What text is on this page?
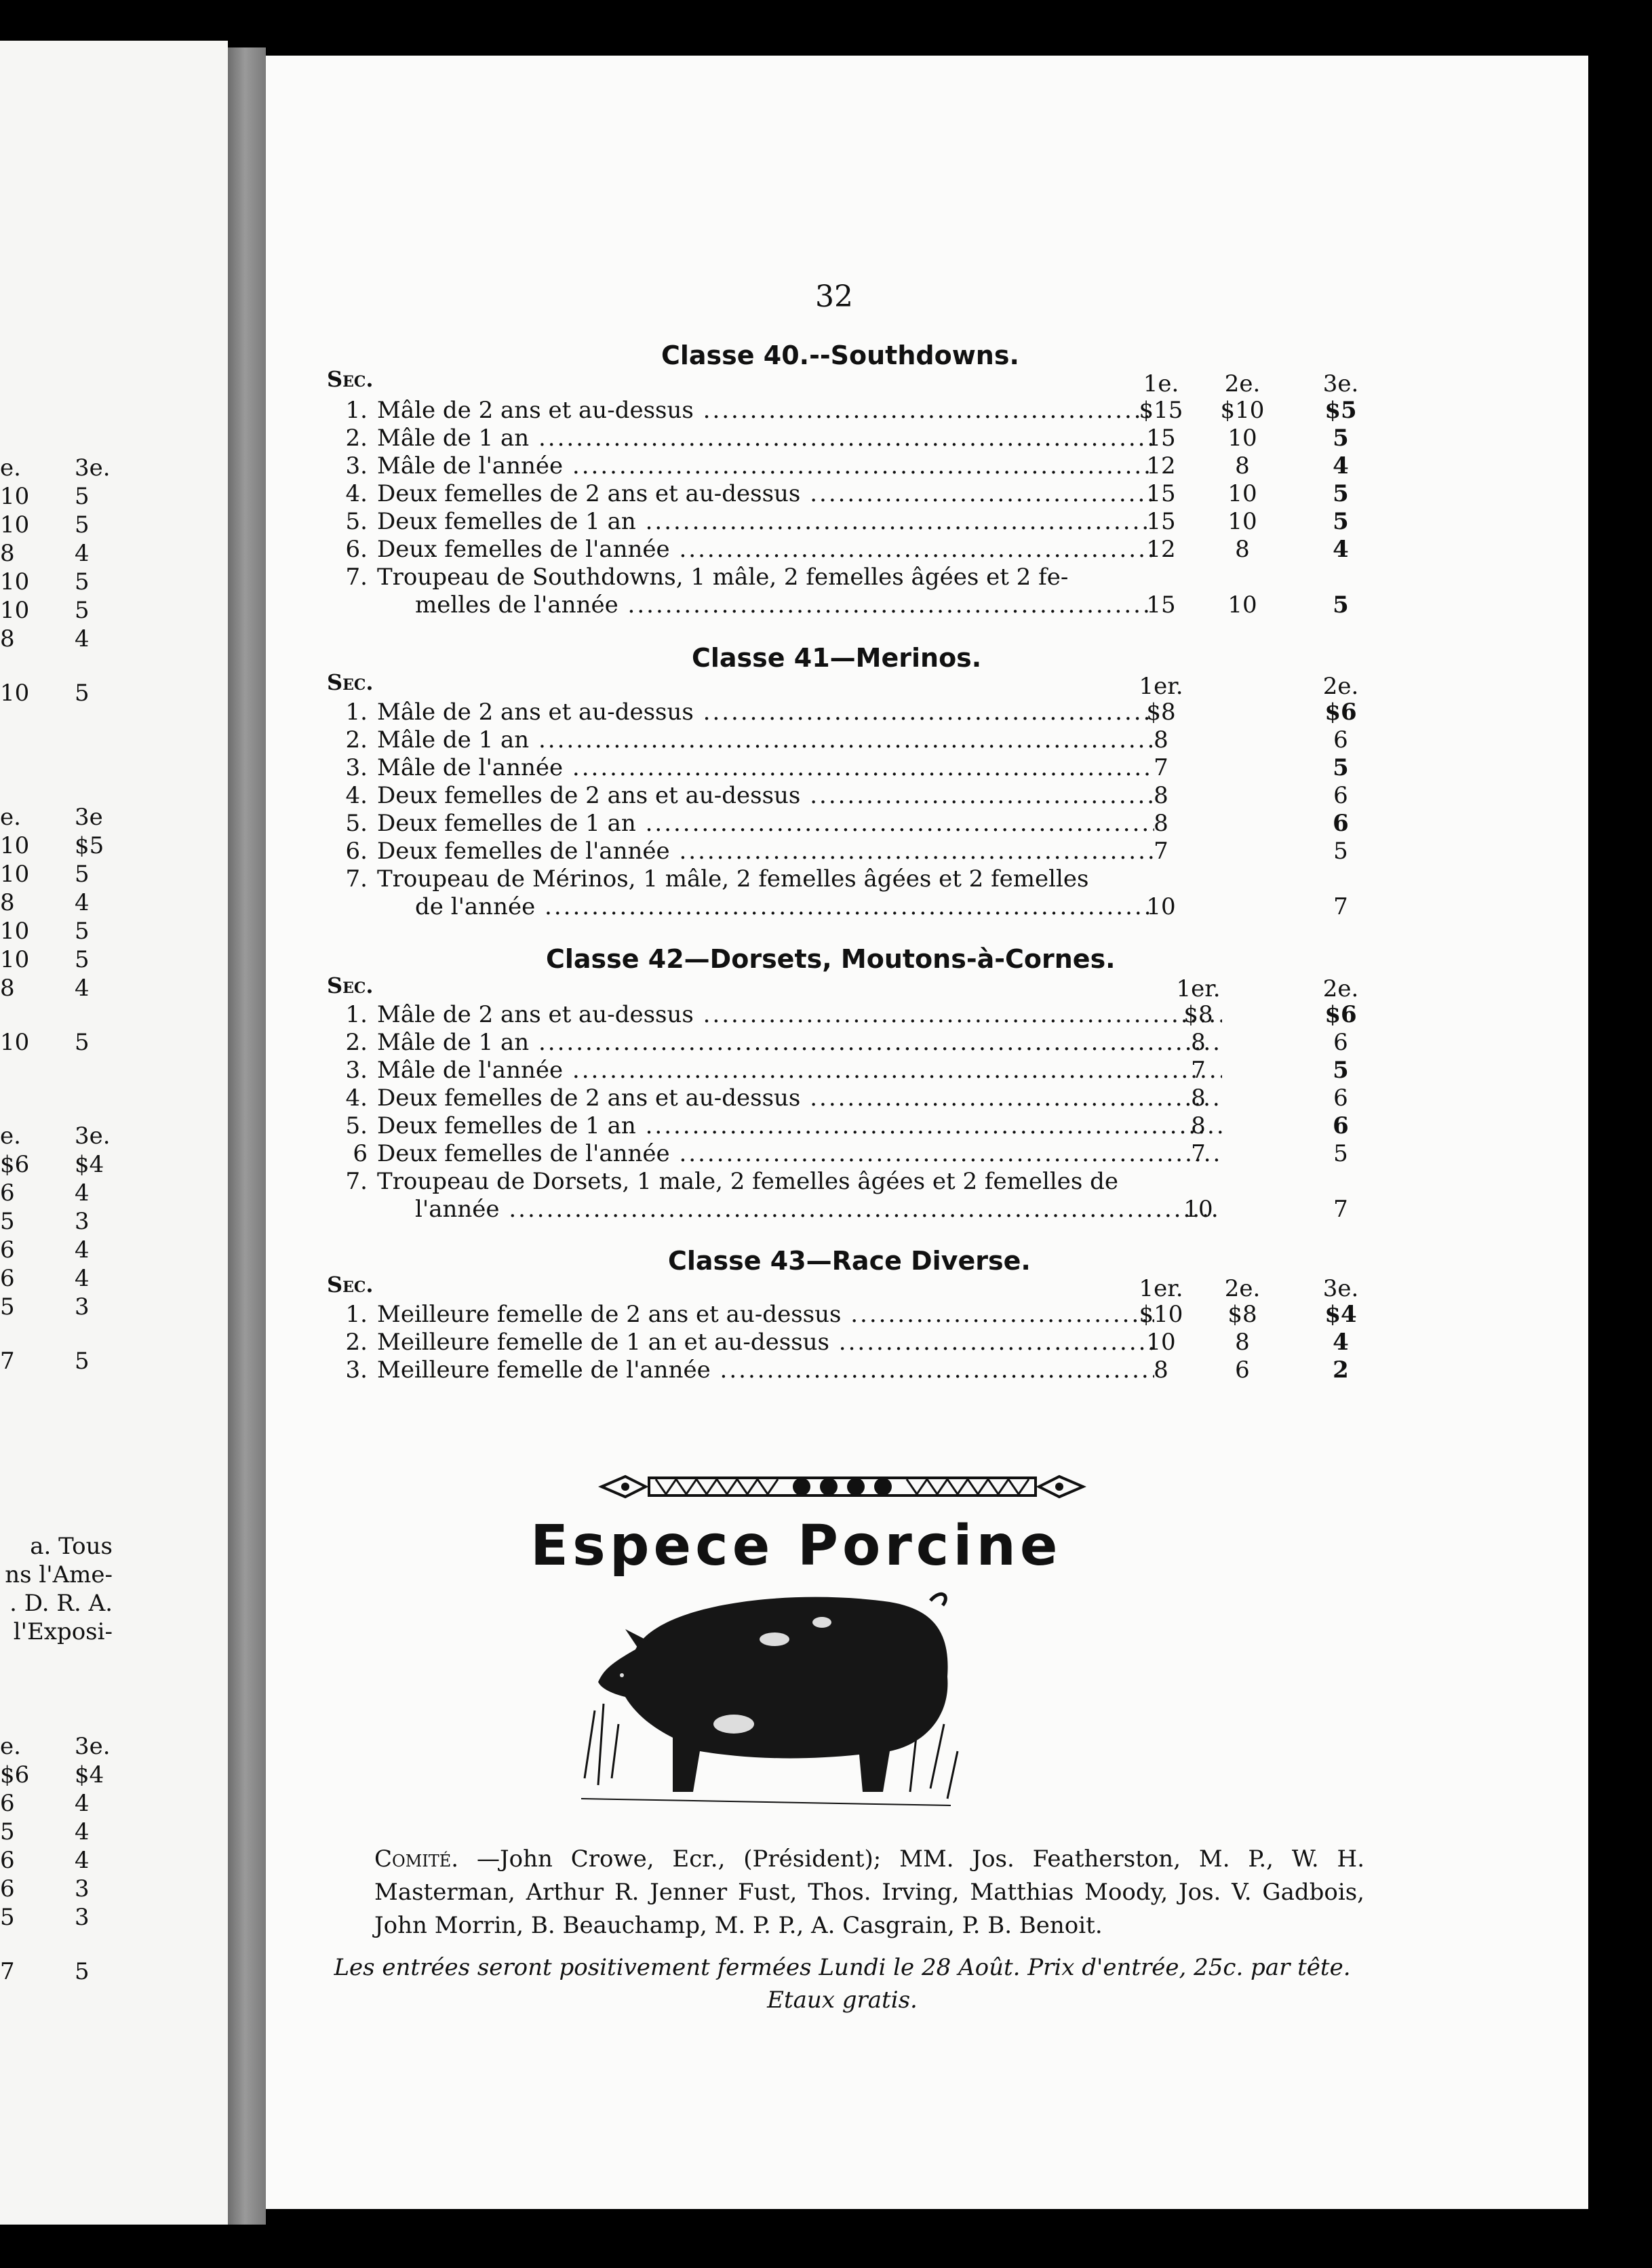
e. 3e.
10 5
10 5
8	4
10 5
10 5
8	4
10 5
e. 3e
10 $5
10 5
8	4
10 5
10 5
8	4
10 5
e. 3e.
$6 $4
6	4
5	3
6	4
6	4
5	3
7	5
e. 3e.
$6 $4
6	4
5	4
6	4
6	3
5	3
7	5
a. Tous
ns l'Ame-
. D. R. A.
l'Exposi-
32
Classe 40.--Southdowns.
Sec.	1e.	2e.	3e.
1. Mâle de 2 ans et au-dessus .....	$15	$10	$5
2. Mâle de 1 an .....	15	10	5
3. Mâle de l'année .....	12	8	4
4. Deux femelles de 2 ans et au-dessus .....	15	10	5
5. Deux femelles de 1 an .....	15	10	5
6. Deux femelles de l'année .....	12	8	4
7. Troupeau de Southdowns, 1 mâle, 2 femelles âgées et 2 fe-
melles de l'année .....	15	10	5
Classe 41—Merinos.
Sec.	1er.	2e.
1. Mâle de 2 ans et au-dessus .....	$8	$6
2. Mâle de 1 an .....	8	6
3. Mâle de l'année .....	7	5
4. Deux femelles de 2 ans et au-dessus .....	8	6
5. Deux femelles de 1 an .....	8	6
6. Deux femelles de l'année .....	7	5
7. Troupeau de Mérinos, 1 mâle, 2 femelles âgées et 2 femelles
de l'année .....	10	7
Classe 42—Dorsets, Moutons-à-Cornes.
Sec.	1er.	2e.
1. Mâle de 2 ans et au-dessus .....	$8	$6
2. Mâle de 1 an .....	8	6
3. Mâle de l'année .....	7	5
4. Deux femelles de 2 ans et au-dessus .....	8	6
5. Deux femelles de 1 an .....	8	6
6 Deux femelles de l'année .....	7	5
7. Troupeau de Dorsets, 1 male, 2 femelles âgées et 2 femelles de
l'année .....	10	7
Classe 43—Race Diverse.
Sec.	1er.	2e.	3e.
1. Meilleure femelle de 2 ans et au-dessus .....	$10	$8	$4
2. Meilleure femelle de 1 an et au-dessus .....	10	8	4
3. Meilleure femelle de l'année .....	8	6	2
Espece Porcine
Comité. —John Crowe, Ecr., (Président); MM. Jos. Featherston, M. P., W. H. Masterman, Arthur R. Jenner Fust, Thos. Irving, Matthias Moody, Jos. V. Gadbois, John Morrin, B. Beauchamp, M. P. P., A. Casgrain, P. B. Benoit.
Les entrées seront positivement fermées Lundi le 28 Août. Prix d'entrée, 25c. par tête. Etaux gratis.
